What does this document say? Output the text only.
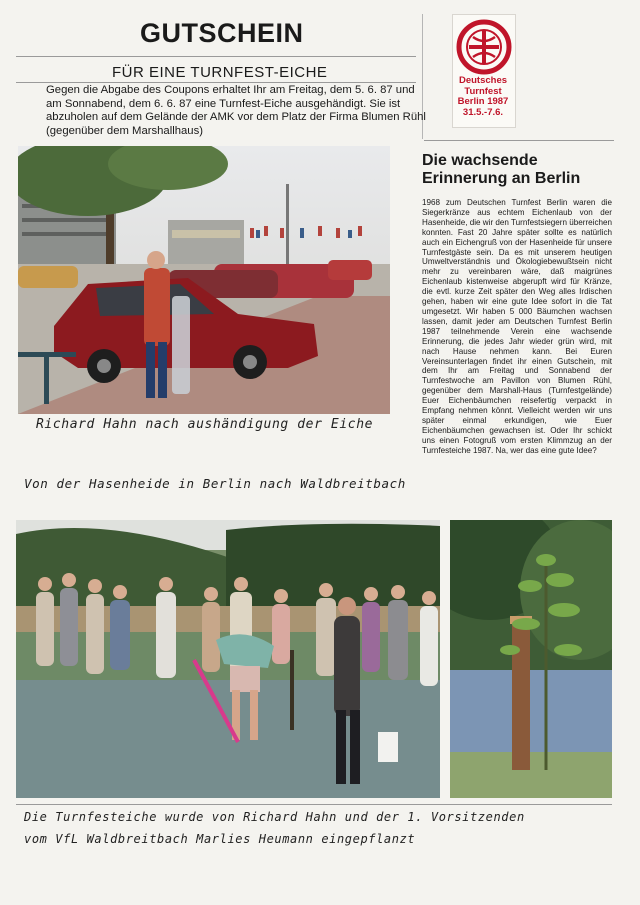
GUTSCHEIN
FÜR EINE TURNFEST-EICHE
Gegen die Abgabe des Coupons erhaltet Ihr am Freitag, dem 5. 6. 87 und am Sonnabend, dem 6. 6. 87 eine Turnfest-Eiche ausgehändigt. Sie ist abzuholen auf dem Gelände der AMK vor dem Platz der Firma Blumen Rühl (gegenüber dem Marshallhaus)
Deutsches
Turnfest
Berlin 1987
31.5.-7.6.
Richard Hahn nach aushändigung der Eiche
Die wachsende
Erinnerung an Berlin
1968 zum Deutschen Turnfest Berlin waren die Siegerkränze aus echtem Eichenlaub von der Hasenheide, die wir den Turnfestsiegern überreichen konnten. Fast 20 Jahre später sollte es natürlich auch ein Eichengruß von der Hasenheide für unsere Turnfestgäste sein. Da es mit unserem heutigen Umweltverständnis und Ökologiebewußtsein nicht mehr zu vereinbaren wäre, daß maigrünes Eichenlaub kistenweise abgerupft wird für Kränze, die evtl. kurze Zeit später den Weg alles Irdischen gehen, haben wir eine gute Idee sofort in die Tat umgesetzt. Wir haben 5 000 Bäumchen wachsen lassen, damit jeder am Deutschen Turnfest Berlin 1987 teilnehmende Verein eine wachsende Erinnerung, die jedes Jahr wieder grün wird, mit nach Hause nehmen kann. Bei Euren Vereinsunterlagen findet ihr einen Gutschein, mit dem Ihr am Freitag und Sonnabend der Turnfestwoche am Pavillon von Blumen Rühl, gegenüber dem Marshall-Haus (Turnfestgelände) Euer Eichenbäumchen reisefertig verpackt in Empfang nehmen könnt. Vielleicht werden wir uns später einmal erkundigen, wie Euer Eichenbäumchen gewachsen ist. Oder Ihr schickt uns einen Fotogruß vom ersten Klimmzug an der Turnfesteiche 1987. Na, wer das eine gute Idee?
Von der Hasenheide in Berlin nach Waldbreitbach
Die Turnfesteiche wurde von Richard Hahn und der 1. Vorsitzenden
vom VfL Waldbreitbach Marlies Heumann eingepflanzt
